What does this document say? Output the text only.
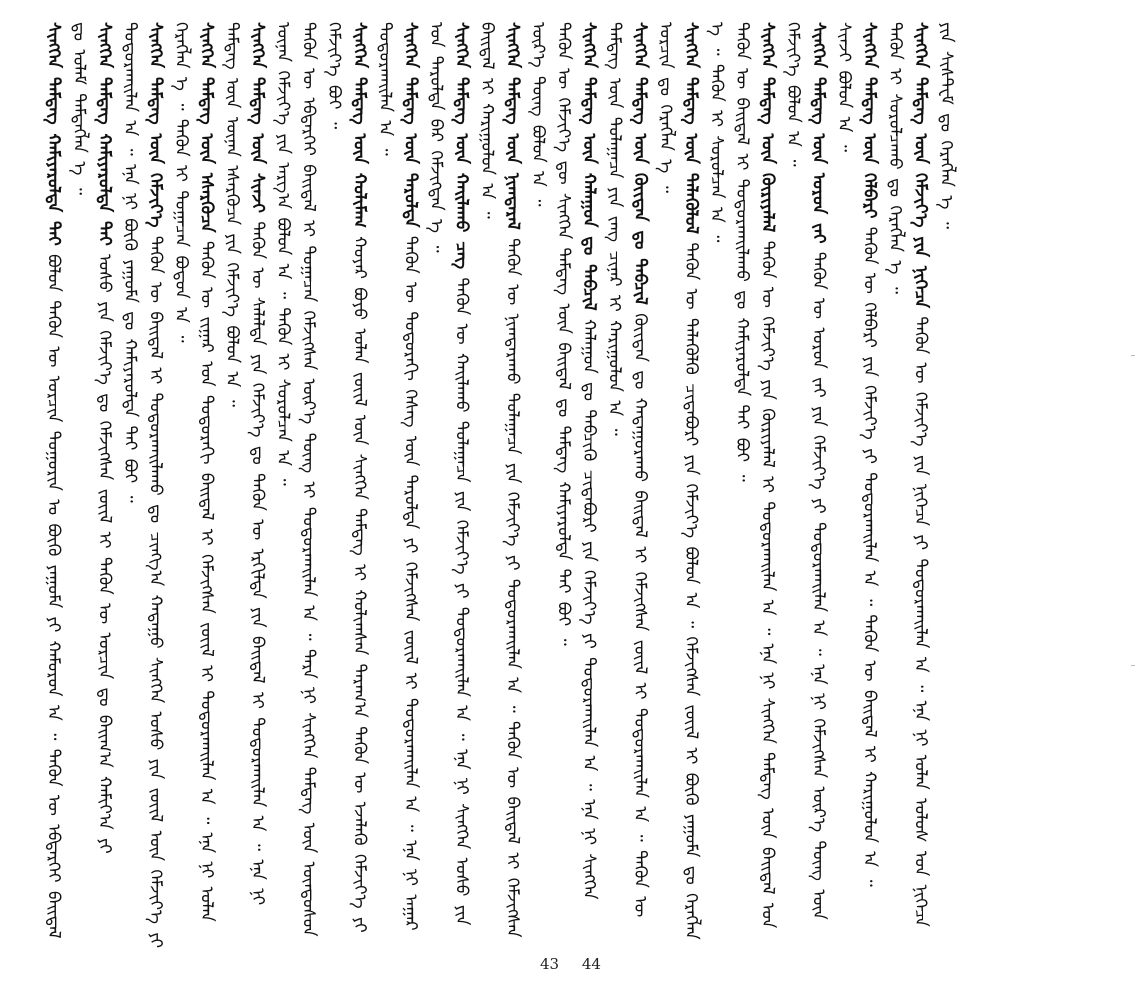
ᠰᠢᠩᠭᠡᠨ ᠲᠡᠮᠳᠡᠭ ᠬᠠᠮᠢᠶᠠᠷᠤᠯᠲᠠ ᠲᠠᠢ ᠪᠣᠯᠤᠨ ᠲᠡᠭᠦᠨ ᠦ ᠣᠷᠴᠢᠨ ᠲᠣᠭᠣᠷᠢᠨ ᠤ ᠪᠦᠬᠦ ᠶᠠᠭᠤᠮᠠ ᠶᠢ ᠬᠠᠮᠤᠷᠤᠨ ᠠ ᠃ ᠲᠡᠭᠦᠨ ᠦ ᠡᠪᠳᠡᠷᠬᠡᠢ ᠪᠠᠢᠳᠠᠯ ᠳᠤ ᠤᠯᠠᠮ ᠲᠡᠮᠳᠡᠭᠯᠡᠨ ᠡ ᠃ ᠰᠢᠩᠭᠡᠨ ᠲᠡᠮᠳᠡᠭ ᠬᠠᠮᠢᠶᠠᠷᠤᠯᠲᠠ ᠲᠠᠢ ᠤᠰᠤ ᠶᠢᠨ ᠬᠡᠮᠵᠢᠶ᠎ᠡ ᠳᠤ ᠬᠡᠮᠵᠢᠭᠰᠡᠨ ᠵᠦᠢᠯ ᠢ ᠲᠡᠭᠦᠨ ᠦ ᠣᠷᠴᠢᠨ ᠳᠤ ᠪᠠᠢᠭ᠎ᠠ ᠬᠠᠮᠢᠶ᠎ᠠ ᠶᠢ ᠲᠣᠳᠣᠷᠬᠠᠢᠯᠠᠨ ᠠ ᠃ ᠡᠨᠡ ᠨᠢ ᠪᠦᠬᠦ ᠶᠠᠭᠤᠮᠠ ᠳᠤ ᠬᠠᠮᠢᠶᠠᠷᠤᠯᠲᠠ ᠲᠠᠢ ᠪᠤᠢ ᠃ ᠰᠢᠩᠭᠡᠨ ᠲᠡᠮᠳᠡᠭ ᠦᠨ ᠬᠡᠮᠵᠢᠶ᠎ᠡ ᠲᠡᠭᠦᠨ ᠦ ᠪᠠᠢᠳᠠᠯ ᠢ ᠲᠣᠳᠣᠷᠬᠠᠢᠯᠠᠬᠤ ᠳᠤ ᠴᠢᠩᠭ᠎ᠠ ᠬᠠᠲᠠᠭᠤ ᠰᠢᠩᠭᠡᠨ ᠤᠰᠤ ᠶᠢᠨ ᠵᠦᠢᠯ ᠦᠨ ᠬᠡᠮᠵᠢᠶ᠎ᠡ ᠶᠢ ᠬᠡᠷᠡᠭᠯᠡᠨ ᠡ ᠃ ᠲᠡᠭᠦᠨ ᠢ ᠲᠣᠭᠠᠴᠠᠨ ᠪᠣᠳᠣᠨ ᠠ ᠃ ᠰᠢᠩᠭᠡᠨ ᠲᠡᠮᠳᠡᠭ ᠦᠨ ᠡᠰᠡᠷᠭᠦᠴᠡ ᠲᠡᠭᠦᠨ ᠦ ᠵᠢᠭᠠᠷ ᠤᠨ ᠳᠣᠲᠣᠷᠠᠬᠢ ᠪᠠᠢᠳᠠᠯ ᠢ ᠬᠡᠮᠵᠢᠭᠰᠡᠨ ᠵᠦᠢᠯ ᠢ ᠲᠣᠳᠣᠷᠬᠠᠢᠯᠠᠨ ᠠ ᠃ ᠡᠨᠡ ᠨᠢ ᠣᠯᠠᠨ ᠲᠡᠮᠳᠡᠭ ᠦᠨ ᠦᠨᠡᠨ ᠡᠰᠡᠷᠭᠦᠴᠡ ᠶᠢᠨ ᠬᠡᠮᠵᠢᠶ᠎ᠡ ᠪᠣᠯᠤᠨ ᠠ ᠃ ᠰᠢᠩᠭᠡᠨ ᠲᠡᠮᠳᠡᠭ ᠦᠨ ᠰᠢᠨᠵᠢ ᠲᠡᠭᠦᠨ ᠦ ᠰᠠᠯᠠᠯᠲᠠ ᠶᠢᠨ ᠬᠡᠮᠵᠢᠶ᠎ᠡ ᠳᠤ ᠲᠡᠭᠦᠨ ᠦ ᠡᠷᠭᠢᠯᠲᠡ ᠶᠢᠨ ᠪᠠᠢᠳᠠᠯ ᠢ ᠲᠣᠳᠣᠷᠬᠠᠢᠯᠠᠨ ᠠ ᠃ ᠡᠨᠡ ᠨᠢ ᠦᠨᠡᠨ ᠬᠡᠮᠵᠢᠶ᠎ᠡ ᠶᠢᠨ ᠠᠷᠭ᠎ᠠ ᠪᠣᠯᠤᠨ ᠠ ᠃ ᠲᠡᠭᠦᠨ ᠢ ᠰᠤᠷᠤᠯᠴᠠᠨ ᠠ ᠃ ᠲᠡᠭᠦᠨ ᠦ ᠡᠪᠳᠡᠷᠬᠡᠢ ᠪᠠᠢᠳᠠᠯ ᠢ ᠲᠣᠭᠠᠴᠠᠨ ᠬᠡᠮᠵᠢᠭᠰᠡᠨ ᠦᠷ᠎ᠡ ᠳᠦᠩ ᠢ ᠲᠣᠳᠣᠷᠬᠠᠢᠯᠠᠨ ᠠ ᠃ ᠲᠡᠷᠡ ᠨᠢ ᠰᠢᠩᠭᠡᠨ ᠲᠡᠮᠳᠡᠭ ᠦᠨ ᠦᠨᠳᠦᠰᠦᠨ ᠬᠡᠮᠵᠢᠶ᠎ᠡ ᠪᠤᠢ ᠃ ᠰᠢᠩᠭᠡᠨ ᠲᠡᠮᠳᠡᠭ ᠦᠨ ᠬᠣᠯᠢᠮᠠᠭ ᠬᠣᠶᠠᠷ ᠪᠤᠶᠤ ᠣᠯᠠᠨ ᠵᠦᠢᠯ ᠦᠨ ᠰᠢᠩᠭᠡᠨ ᠲᠡᠮᠳᠡᠭ ᠢ ᠬᠣᠯᠢᠭᠰᠠᠨ ᠳᠠᠷᠠᠭ᠎ᠠ ᠲᠡᠭᠦᠨ ᠦ ᠡᠵᠡᠯᠡᠬᠦ ᠬᠡᠮᠵᠢᠶ᠎ᠡ ᠶᠢ ᠲᠣᠳᠣᠷᠬᠠᠢᠯᠠᠨ ᠠ ᠃ ᠰᠢᠩᠭᠡᠨ ᠲᠡᠮᠳᠡᠭ ᠦᠨ ᠳᠠᠷᠤᠯᠲᠠ ᠲᠡᠭᠦᠨ ᠦ ᠳᠣᠲᠣᠷᠠᠬᠢ ᠬᠡᠰᠡᠭ ᠦᠨ ᠳᠠᠷᠤᠯᠲᠠ ᠶᠢ ᠬᠡᠮᠵᠢᠭᠰᠡᠨ ᠵᠦᠢᠯ ᠢ ᠲᠣᠳᠣᠷᠬᠠᠢᠯᠠᠨ ᠠ ᠃ ᠡᠨᠡ ᠨᠢ ᠠᠭᠠᠷ ᠤᠨ ᠳᠠᠷᠤᠯᠲᠠ ᠪᠠᠷ ᠬᠡᠮᠵᠢᠭᠳᠡᠨ ᠡ ᠃ ᠰᠢᠩᠭᠡᠨ ᠲᠡᠮᠳᠡᠭ ᠦᠨ ᠬᠠᠢᠯᠠᠬᠤ ᠴᠡᠭ ᠲᠡᠭᠦᠨ ᠦ ᠬᠠᠢᠯᠠᠬᠤ ᠳᠤᠯᠠᠭᠠᠴᠠ ᠶᠢᠨ ᠬᠡᠮᠵᠢᠶ᠎ᠡ ᠶᠢ ᠲᠣᠳᠣᠷᠬᠠᠢᠯᠠᠨ ᠠ ᠃ ᠡᠨᠡ ᠨᠢ ᠰᠢᠩᠭᠡᠨ ᠤᠰᠤ ᠶᠢᠨ ᠪᠠᠢᠳᠠᠯ ᠢ ᠬᠠᠷᠢᠭᠤᠯᠤᠨ ᠠ ᠃ ᠰᠢᠩᠭᠡᠨ ᠲᠡᠮᠳᠡᠭ ᠦᠨ ᠨᠢᠭᠲᠠᠷᠠᠯ ᠲᠡᠭᠦᠨ ᠦ ᠨᠢᠭᠲᠠᠷᠠᠬᠤ ᠳᠤᠯᠠᠭᠠᠴᠠ ᠶᠢᠨ ᠬᠡᠮᠵᠢᠶ᠎ᠡ ᠶᠢ ᠲᠣᠳᠣᠷᠬᠠᠢᠯᠠᠨ ᠠ ᠃ ᠲᠡᠭᠦᠨ ᠦ ᠪᠠᠢᠳᠠᠯ ᠢ ᠬᠡᠮᠵᠢᠭᠰᠡᠨ ᠦᠷ᠎ᠡ ᠳᠦᠩ ᠪᠣᠯᠤᠨ ᠠ ᠃ ᠲᠡᠭᠦᠨ ᠦ ᠬᠡᠮᠵᠢᠶ᠎ᠡ ᠳᠦ ᠰᠢᠩᠭᠡᠨ ᠲᠡᠮᠳᠡᠭ ᠦᠨ ᠪᠠᠢᠳᠠᠯ ᠳᠤ ᠲᠡᠮᠳᠡᠭ ᠬᠠᠮᠢᠶᠠᠷᠤᠯᠲᠠ ᠲᠠᠢ ᠪᠤᠢ ᠃ ᠰᠢᠩᠭᠡᠨ ᠲᠡᠮᠳᠡᠭ ᠦᠨ ᠬᠠᠯᠠᠭᠤᠨ ᠳᠤ ᠲᠡᠪᠴᠢᠯ ᠬᠠᠯᠠᠭᠤᠨ ᠳᠤ ᠲᠡᠪᠴᠢᠬᠦ ᠴᠢᠳᠠᠪᠤᠷᠢ ᠶᠢᠨ ᠬᠡᠮᠵᠢᠶ᠎ᠡ ᠶᠢ ᠲᠣᠳᠣᠷᠬᠠᠢᠯᠠᠨ ᠠ ᠃ ᠡᠨᠡ ᠨᠢ ᠰᠢᠩᠭᠡᠨ ᠲᠡᠮᠳᠡᠭ ᠦᠨ ᠳᠤᠯᠠᠭᠠᠴᠠ ᠶᠢᠨ ᠵᠠᠩ ᠴᠢᠨᠠᠷ ᠢ ᠬᠠᠷᠢᠭᠤᠯᠤᠨ ᠠ ᠃ ᠰᠢᠩᠭᠡᠨ ᠲᠡᠮᠳᠡᠭ ᠦᠨ ᠬᠦᠢᠲᠡᠨ ᠳᠤ ᠲᠡᠪᠴᠢᠯ ᠬᠦᠢᠲᠡᠨ ᠳᠤ ᠬᠠᠲᠠᠭᠤᠷᠠᠬᠤ ᠪᠠᠢᠳᠠᠯ ᠢ ᠬᠡᠮᠵᠢᠭᠰᠡᠨ ᠵᠦᠢᠯ ᠢ ᠲᠣᠳᠣᠷᠬᠠᠢᠯᠠᠨ ᠠ ᠃ ᠲᠡᠭᠦᠨ ᠦ ᠣᠷᠴᠢᠨ ᠳᠤ ᠬᠡᠷᠡᠭᠯᠡᠨ ᠡ ᠃ ᠰᠢᠩᠭᠡᠨ ᠲᠡᠮᠳᠡᠭ ᠦᠨ ᠲᠡᠯᠡᠭᠦᠯᠦᠯ ᠲᠡᠭᠦᠨ ᠦ ᠲᠡᠯᠡᠭᠦᠯᠬᠦ ᠴᠢᠳᠠᠪᠤᠷᠢ ᠶᠢᠨ ᠬᠡᠮᠵᠢᠶ᠎ᠡ ᠪᠣᠯᠤᠨ ᠠ ᠃ ᠬᠡᠮᠵᠢᠭᠰᠡᠨ ᠵᠦᠢᠯ ᠢ ᠪᠦᠬᠦ ᠶᠠᠭᠤᠮᠠ ᠳᠤ ᠬᠡᠷᠡᠭᠯᠡᠨ ᠡ ᠃ ᠲᠡᠭᠦᠨ ᠢ ᠰᠤᠷᠤᠯᠴᠠᠨ ᠠ ᠃ ᠲᠡᠭᠦᠨ ᠦ ᠪᠠᠢᠳᠠᠯ ᠢ ᠲᠣᠳᠣᠷᠬᠠᠢᠯᠠᠬᠤ ᠳᠤ ᠬᠠᠮᠢᠶᠠᠷᠤᠯᠲᠠ ᠲᠠᠢ ᠪᠤᠢ ᠃ ᠰᠢᠩᠭᠡᠨ ᠲᠡᠮᠳᠡᠭ ᠦᠨ ᠬᠦᠷᠢᠶᠡᠯᠡᠯ ᠲᠡᠭᠦᠨ ᠦ ᠬᠡᠮᠵᠢᠶ᠎ᠡ ᠶᠢᠨ ᠬᠦᠷᠢᠶᠡᠯᠡᠯ ᠢ ᠲᠣᠳᠣᠷᠬᠠᠢᠯᠠᠨ ᠠ ᠃ ᠡᠨᠡ ᠨᠢ ᠰᠢᠩᠭᠡᠨ ᠲᠡᠮᠳᠡᠭ ᠦᠨ ᠪᠠᠢᠳᠠᠯ ᠤᠨ ᠬᠡᠮᠵᠢᠶ᠎ᠡ ᠪᠣᠯᠤᠨ ᠠ ᠃ ᠰᠢᠩᠭᠡᠨ ᠲᠡᠮᠳᠡᠭ ᠦᠨ ᠣᠷᠣᠨ ᠵᠠᠢ ᠲᠡᠭᠦᠨ ᠦ ᠣᠷᠣᠨ ᠵᠠᠢ ᠶᠢᠨ ᠬᠡᠮᠵᠢᠶ᠎ᠡ ᠶᠢ ᠲᠣᠳᠣᠷᠬᠠᠢᠯᠠᠨ ᠠ ᠃ ᠡᠨᠡ ᠨᠢ ᠬᠡᠮᠵᠢᠭᠰᠡᠨ ᠦᠷ᠎ᠡ ᠳᠦᠩ ᠦᠨ ᠰᠢᠨᠵᠢ ᠪᠣᠯᠤᠨ ᠠ ᠃ ᠰᠢᠩᠭᠡᠨ ᠲᠡᠮᠳᠡᠭ ᠦᠨ ᠬᠡᠯᠪᠡᠷᠢ ᠲᠡᠭᠦᠨ ᠦ ᠬᠡᠯᠪᠡᠷᠢ ᠶᠢᠨ ᠬᠡᠮᠵᠢᠶ᠎ᠡ ᠶᠢ ᠲᠣᠳᠣᠷᠬᠠᠢᠯᠠᠨ ᠠ ᠃ ᠲᠡᠭᠦᠨ ᠦ ᠪᠠᠢᠳᠠᠯ ᠢ ᠬᠠᠷᠢᠭᠤᠯᠤᠨ ᠠ ᠃
ᠲᠡᠭᠦᠨ ᠢ ᠰᠤᠷᠤᠯᠴᠠᠬᠤ ᠳᠤ ᠬᠡᠷᠡᠭᠯᠡᠨ ᠡ ᠃ ᠰᠢᠩᠭᠡᠨ ᠲᠡᠮᠳᠡᠭ ᠦᠨ ᠬᠡᠮᠵᠢᠶ᠎ᠡ ᠶᠢᠨ ᠨᠢᠭᠡᠴᠡ ᠲᠡᠭᠦᠨ ᠦ ᠬᠡᠮᠵᠢᠶ᠎ᠡ ᠶᠢᠨ ᠨᠢᠭᠡᠴᠡ ᠶᠢ ᠲᠣᠳᠣᠷᠬᠠᠢᠯᠠᠨ ᠠ ᠃ ᠡᠨᠡ ᠨᠢ ᠣᠯᠠᠨ ᠤᠯᠤᠰ ᠤᠨ ᠨᠢᠭᠡᠴᠡ ᠶᠢᠨ ᠰᠢᠰᠲ᠋ᠧᠮ ᠳᠤ ᠬᠡᠷᠡᠭᠯᠡᠨ ᠡ ᠃
43 44
